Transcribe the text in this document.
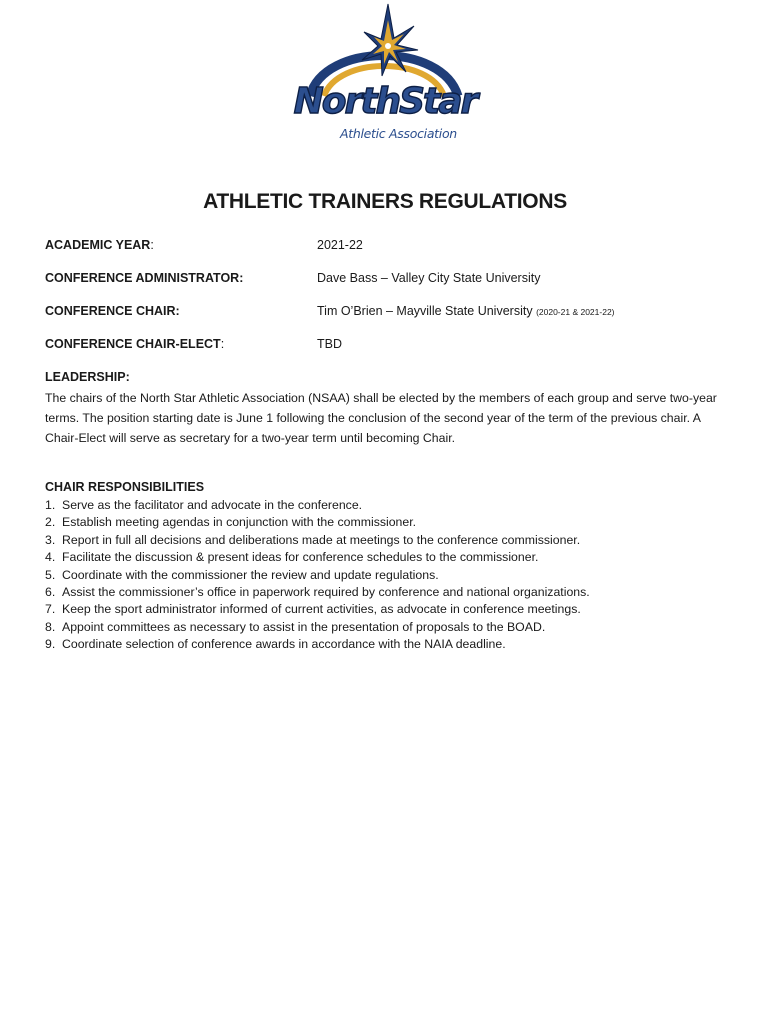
NorthStar
Athletic Association
ATHLETIC TRAINERS REGULATIONS
ACADEMIC YEAR:	2021-22
CONFERENCE ADMINISTRATOR:	Dave Bass – Valley City State University
CONFERENCE CHAIR:	Tim O’Brien – Mayville State University (2020-21 & 2021-22)
CONFERENCE CHAIR-ELECT:	TBD
LEADERSHIP:
The chairs of the North Star Athletic Association (NSAA) shall be elected by the members of each group and serve two-year terms. The position starting date is June 1 following the conclusion of the second year of the term of the previous chair. A Chair-Elect will serve as secretary for a two-year term until becoming Chair.
CHAIR RESPONSIBILITIES
1. Serve as the facilitator and advocate in the conference.
2. Establish meeting agendas in conjunction with the commissioner.
3. Report in full all decisions and deliberations made at meetings to the conference commissioner.
4. Facilitate the discussion & present ideas for conference schedules to the commissioner.
5. Coordinate with the commissioner the review and update regulations.
6. Assist the commissioner’s office in paperwork required by conference and national organizations.
7. Keep the sport administrator informed of current activities, as advocate in conference meetings.
8. Appoint committees as necessary to assist in the presentation of proposals to the BOAD.
9. Coordinate selection of conference awards in accordance with the NAIA deadline.
